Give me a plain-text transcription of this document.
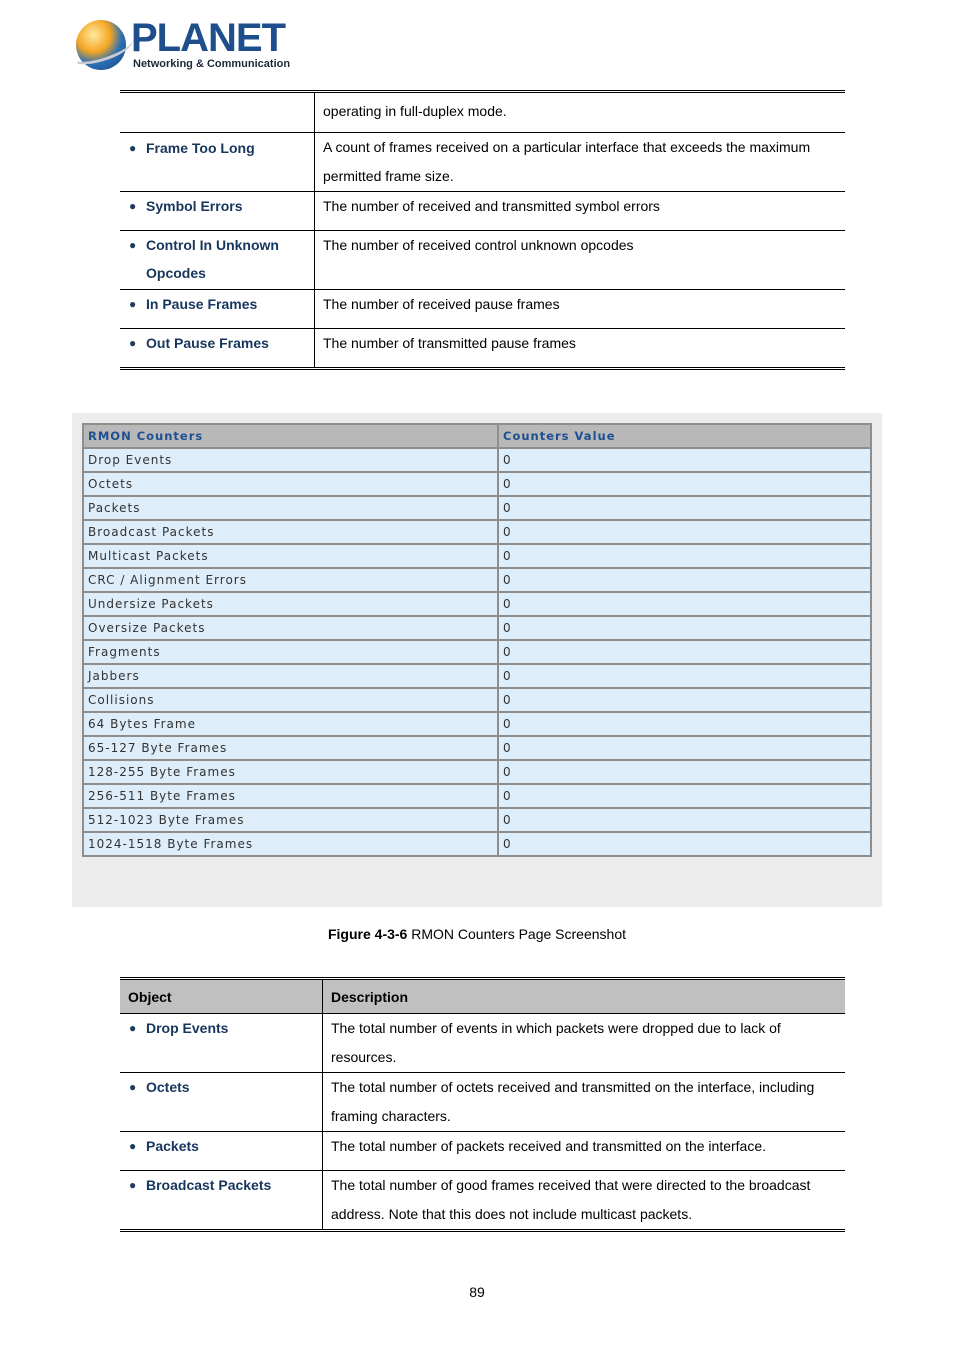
PLANET
Networking & Communication

	operating in full-duplex mode.

● Frame Too Long	A count of frames received on a particular interface that exceeds the maximum permitted frame size.

● Symbol Errors	The number of received and transmitted symbol errors

● Control In Unknown Opcodes	The number of received control unknown opcodes

● In Pause Frames	The number of received pause frames

● Out Pause Frames	The number of transmitted pause frames
RMON Counters	Counters Value
Drop Events	0
Octets	0
Packets	0
Broadcast Packets	0
Multicast Packets	0
CRC / Alignment Errors	0
Undersize Packets	0
Oversize Packets	0
Fragments	0
Jabbers	0
Collisions	0
64 Bytes Frame	0
65-127 Byte Frames	0
128-255 Byte Frames	0
256-511 Byte Frames	0
512-1023 Byte Frames	0
1024-1518 Byte Frames	0
Figure 4-3-6 RMON Counters Page Screenshot
Object	Description

● Drop Events	The total number of events in which packets were dropped due to lack of resources.

● Octets	The total number of octets received and transmitted on the interface, including framing characters.

● Packets	The total number of packets received and transmitted on the interface.

● Broadcast Packets	The total number of good frames received that were directed to the broadcast address. Note that this does not include multicast packets.
89
